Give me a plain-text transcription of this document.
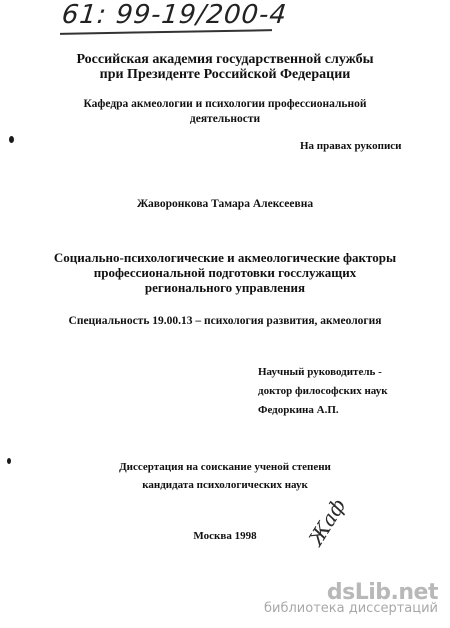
61: 99-19/200-4
Российская академия государственной службы
при Президенте Российской Федерации
Кафедра акмеологии и психологии профессиональной
деятельности
На правах рукописи
Жаворонкова Тамара Алексеевна
Социально-психологические и акмеологические факторы
профессиональной подготовки госслужащих
регионального управления
Специальность 19.00.13 – психология развития, акмеология
Научный руководитель -
доктор философских наук
Федоркина А.П.
Диссертация на соискание ученой степени
кандидата психологических наук
Москва 1998	Жаф
dsLib.net
библиотека диссертаций
